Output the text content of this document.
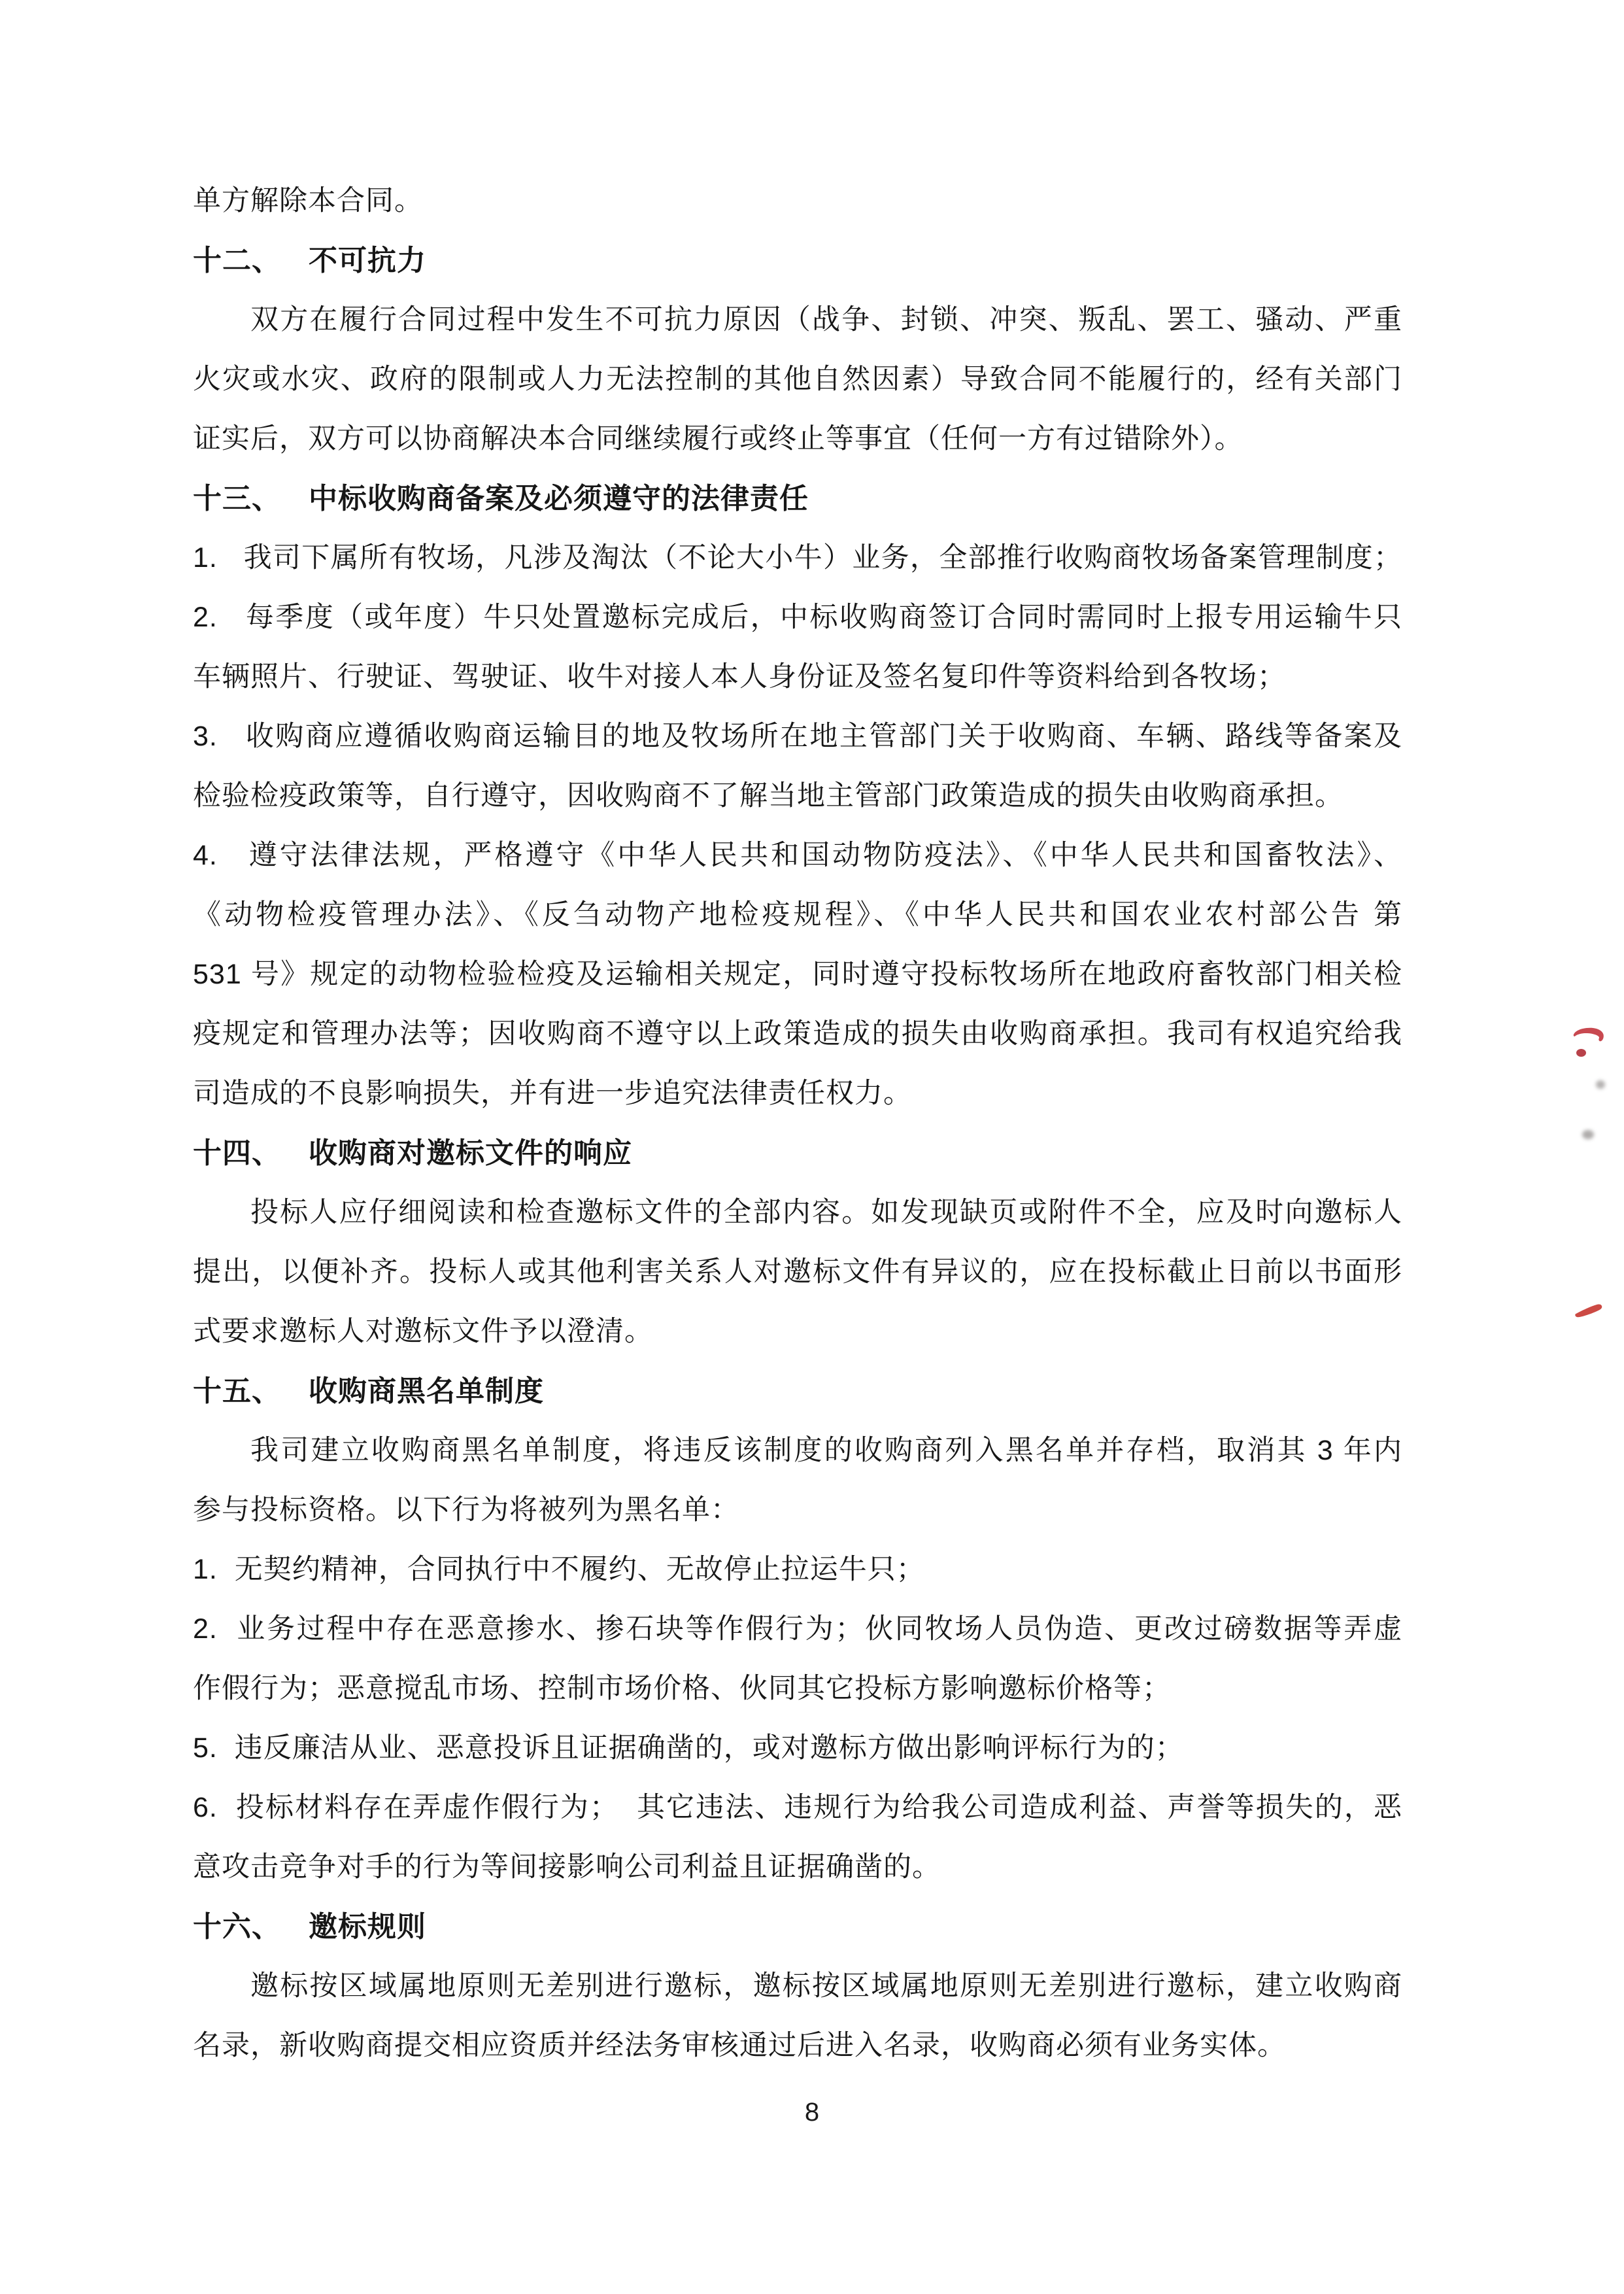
单方解除本合同。
十二、 不可抗力
双方在履行合同过程中发生不可抗力原因（战争、封锁、冲突、叛乱、罢工、骚动、严重
火灾或水灾、政府的限制或人力无法控制的其他自然因素）导致合同不能履行的，经有关部门
证实后，双方可以协商解决本合同继续履行或终止等事宜（任何一方有过错除外）。
十三、 中标收购商备案及必须遵守的法律责任
1.   我司下属所有牧场，凡涉及淘汰（不论大小牛）业务，全部推行收购商牧场备案管理制度；
2.   每季度（或年度）牛只处置邀标完成后，中标收购商签订合同时需同时上报专用运输牛只
车辆照片、行驶证、驾驶证、收牛对接人本人身份证及签名复印件等资料给到各牧场；
3.   收购商应遵循收购商运输目的地及牧场所在地主管部门关于收购商、车辆、路线等备案及
检验检疫政策等，自行遵守，因收购商不了解当地主管部门政策造成的损失由收购商承担。
4.   遵守法律法规，严格遵守《中华人民共和国动物防疫法》、《中华人民共和国畜牧法》、
《动物检疫管理办法》、《反刍动物产地检疫规程》、《中华人民共和国农业农村部公告 第
531 号》规定的动物检验检疫及运输相关规定，同时遵守投标牧场所在地政府畜牧部门相关检
疫规定和管理办法等；因收购商不遵守以上政策造成的损失由收购商承担。我司有权追究给我
司造成的不良影响损失，并有进一步追究法律责任权力。
十四、 收购商对邀标文件的响应
投标人应仔细阅读和检查邀标文件的全部内容。如发现缺页或附件不全，应及时向邀标人
提出，以便补齐。投标人或其他利害关系人对邀标文件有异议的，应在投标截止日前以书面形
式要求邀标人对邀标文件予以澄清。
十五、 收购商黑名单制度
我司建立收购商黑名单制度，将违反该制度的收购商列入黑名单并存档，取消其 3 年内
参与投标资格。以下行为将被列为黑名单：
1.  无契约精神，合同执行中不履约、无故停止拉运牛只；
2.  业务过程中存在恶意掺水、掺石块等作假行为；伙同牧场人员伪造、更改过磅数据等弄虚
作假行为；恶意搅乱市场、控制市场价格、伙同其它投标方影响邀标价格等；
5.  违反廉洁从业、恶意投诉且证据确凿的，或对邀标方做出影响评标行为的；
6.  投标材料存在弄虚作假行为；  其它违法、违规行为给我公司造成利益、声誉等损失的，恶
意攻击竞争对手的行为等间接影响公司利益且证据确凿的。
十六、 邀标规则
邀标按区域属地原则无差别进行邀标，邀标按区域属地原则无差别进行邀标，建立收购商
名录，新收购商提交相应资质并经法务审核通过后进入名录，收购商必须有业务实体。
8
